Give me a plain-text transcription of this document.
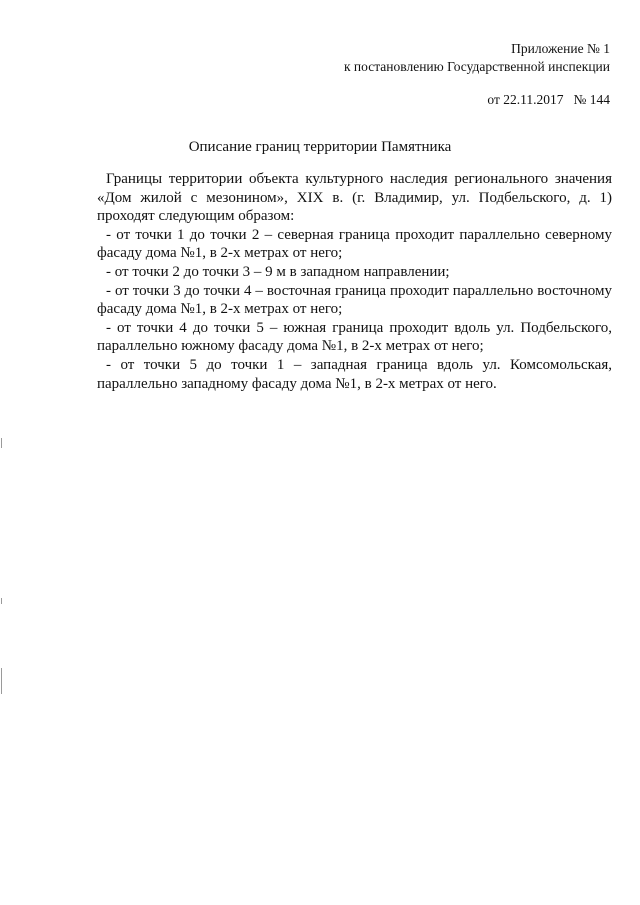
Приложение № 1
к постановлению Государственной инспекции
от 22.11.2017 № 144
Описание границ территории Памятника

Границы территории объекта культурного наследия регионального значения «Дом жилой с мезонином», XIX в. (г. Владимир, ул. Подбельского, д. 1) проходят следующим образом:

- от точки 1 до точки 2 – северная граница проходит параллельно северному фасаду дома №1, в 2-х метрах от него;

- от точки 2 до точки 3 – 9 м в западном направлении;

- от точки 3 до точки 4 – восточная граница проходит параллельно восточному фасаду дома №1, в 2-х метрах от него;

- от точки 4 до точки 5 – южная граница проходит вдоль ул. Подбельского, параллельно южному фасаду дома №1, в 2-х метрах от него;

- от точки 5 до точки 1 – западная граница вдоль ул. Комсомольская, параллельно западному фасаду дома №1, в 2-х метрах от него.
